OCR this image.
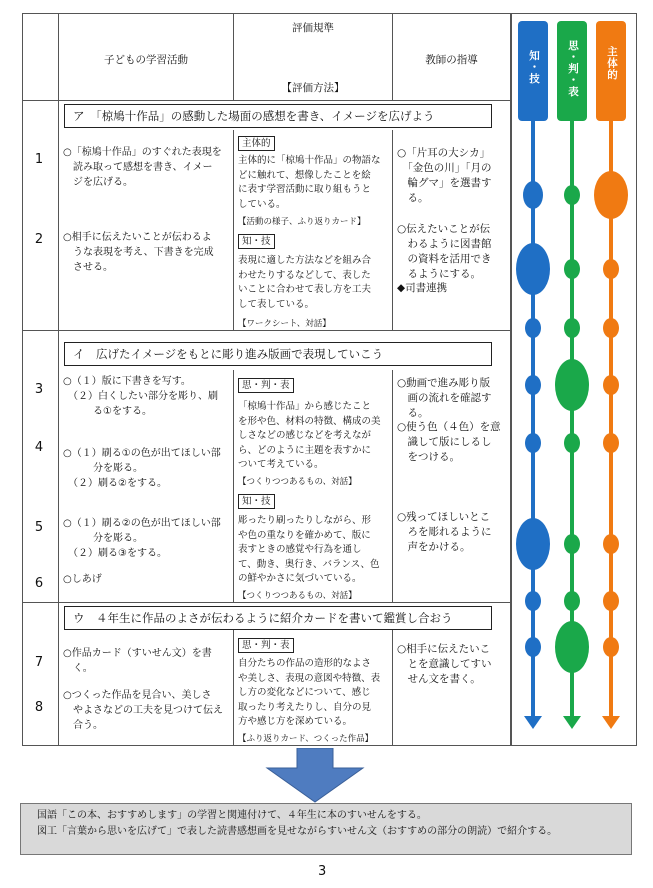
子どもの学習活動
評価規準
【評価方法】
教師の指導
ア　「椋鳩十作品」の感動した場面の感想を書き、イメージを広げよう
イ　広げたイメージをもとに彫り進み版画で表現していこう
ウ　４年生に作品のよさが伝わるように紹介カードを書いて鑑賞し合おう
1
2
3
4
5
6
7
8
○「椋鳩十作品」のすぐれた表現を
　読み取って感想を書き、イメー
　ジを広げる。
○相手に伝えたいことが伝わるよ
　うな表現を考え、下書きを完成
　させる。
○（１）版に下書きを写す。
　（２）白くしたい部分を彫り、刷
　　　る①をする。
○（１）刷る①の色が出てほしい部
　　　分を彫る。
　（２）刷る②をする。
○（１）刷る②の色が出てほしい部
　　　分を彫る。
　（２）刷る③をする。
○しあげ
○作品カード（すいせん文）を書
　く。
○つくった作品を見合い、美しさ
　やよさなどの工夫を見つけて伝え
　合う。
主体的
主体的に「椋鳩十作品」の物語な
どに触れて、想像したことを絵
に表す学習活動に取り組もうと
している。
【活動の様子、ふり返りカード】
知・技
表現に適した方法などを組み合
わせたりするなどして、表した
いことに合わせて表し方を工夫
して表している。
【ワークシート、対話】
思・判・表
「椋鳩十作品」から感じたこと
を形や色、材料の特徴、構成の美
しさなどの感じなどを考えなが
ら、どのように主題を表すかに
ついて考えている。
【つくりつつあるもの、対話】
知・技
彫ったり刷ったりしながら、形
や色の重なりを確かめて、版に
表すときの感覚や行為を通し
て、動き、奥行き、バランス、色
の鮮やかさに気づいている。
【つくりつつあるもの、対話】
思・判・表
自分たちの作品の造形的なよさ
や美しさ、表現の意図や特徴、表
し方の変化などについて、感じ
取ったり考えたりし、自分の見
方や感じ方を深めている。
【ふり返りカード、つくった作品】
○「片耳の大シカ」
　「金色の川」「月の
　輪グマ」を選書す
　る。
○伝えたいことが伝
　わるように図書館
　の資料を活用でき
　るようにする。
◆司書連携
○動画で進み彫り版
　画の流れを確認す
　る。
○使う色（４色）を意
　識して版にしるし
　をつける。
○残ってほしいとこ
　ろを彫れるように
　声をかける。
○相手に伝えたいこ
　とを意識してすい
　せん文を書く。
知・技	思・判・表	主体的
　国語「この本、おすすめします」の学習と関連付けて、４年生に本のすいせんをする。
　図工「言葉から思いを広げて」で表した読書感想画を見せながらすいせん文（おすすめの部分の朗読）で紹介する。
3
